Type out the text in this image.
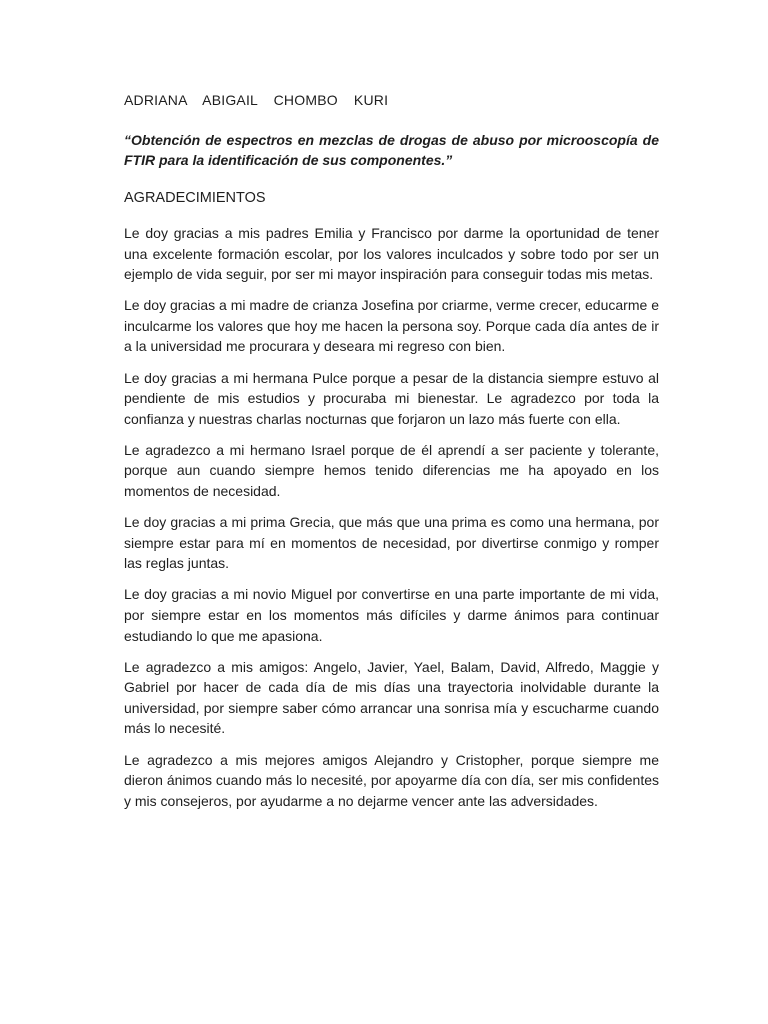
ADRIANA ABIGAIL CHOMBO KURI

“Obtención de espectros en mezclas de drogas de abuso por microoscopía de FTIR para la identificación de sus componentes.”

AGRADECIMIENTOS

Le doy gracias a mis padres Emilia y Francisco por darme la oportunidad de tener una excelente formación escolar, por los valores inculcados y sobre todo por ser un ejemplo de vida seguir, por ser mi mayor inspiración para conseguir todas mis metas.

Le doy gracias a mi madre de crianza Josefina por criarme, verme crecer, educarme e inculcarme los valores que hoy me hacen la persona soy. Porque cada día antes de ir a la universidad me procurara y deseara mi regreso con bien.

Le doy gracias a mi hermana Pulce porque a pesar de la distancia siempre estuvo al pendiente de mis estudios y procuraba mi bienestar. Le agradezco por toda la confianza y nuestras charlas nocturnas que forjaron un lazo más fuerte con ella.

Le agradezco a mi hermano Israel porque de él aprendí a ser paciente y tolerante, porque aun cuando siempre hemos tenido diferencias me ha apoyado en los momentos de necesidad.

Le doy gracias a mi prima Grecia, que más que una prima es como una hermana, por siempre estar para mí en momentos de necesidad, por divertirse conmigo y romper las reglas juntas.

Le doy gracias a mi novio Miguel por convertirse en una parte importante de mi vida, por siempre estar en los momentos más difíciles y darme ánimos para continuar estudiando lo que me apasiona.

Le agradezco a mis amigos: Angelo, Javier, Yael, Balam, David, Alfredo, Maggie y Gabriel por hacer de cada día de mis días una trayectoria inolvidable durante la universidad, por siempre saber cómo arrancar una sonrisa mía y escucharme cuando más lo necesité.

Le agradezco a mis mejores amigos Alejandro y Cristopher, porque siempre me dieron ánimos cuando más lo necesité, por apoyarme día con día, ser mis confidentes y mis consejeros, por ayudarme a no dejarme vencer ante las adversidades.
